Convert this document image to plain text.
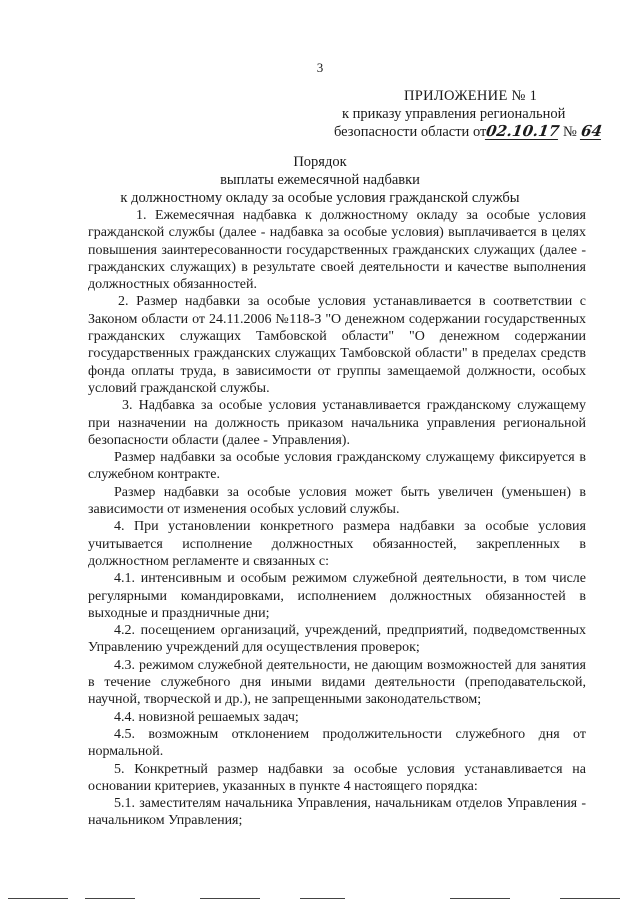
3
ПРИЛОЖЕНИЕ № 1
к приказу управления региональной
безопасности области от02.10.17 № 64
Порядок
выплаты ежемесячной надбавки
к должностному окладу за особые условия гражданской службы

1. Ежемесячная надбавка к должностному окладу за особые условия гражданской службы (далее - надбавка за особые условия) выплачивается в целях повышения заинтересованности государственных гражданских служащих (далее - гражданских служащих) в результате своей деятельности и качестве выполнения должностных обязанностей.

2. Размер надбавки за особые условия устанавливается в соответствии с Законом области от 24.11.2006 №118-З "О денежном содержании государственных гражданских служащих Тамбовской области" "О денежном содержании государственных гражданских служащих Тамбовской области" в пределах средств фонда оплаты труда, в зависимости от группы замещаемой должности, особых условий гражданской службы.

3. Надбавка за особые условия устанавливается гражданскому служащему при назначении на должность приказом начальника управления региональной безопасности области (далее - Управления).

Размер надбавки за особые условия гражданскому служащему фиксируется в служебном контракте.

Размер надбавки за особые условия может быть увеличен (уменьшен) в зависимости от изменения особых условий службы.

4. При установлении конкретного размера надбавки за особые условия учитывается исполнение должностных обязанностей, закрепленных в должностном регламенте и связанных с:

4.1. интенсивным и особым режимом служебной деятельности, в том числе регулярными командировками, исполнением должностных обязанностей в выходные и праздничные дни;

4.2. посещением организаций, учреждений, предприятий, подведомственных Управлению учреждений для осуществления проверок;

4.3. режимом служебной деятельности, не дающим возможностей для занятия в течение служебного дня иными видами деятельности (преподавательской, научной, творческой и др.), не запрещенными законодательством;

4.4. новизной решаемых задач;

4.5. возможным отклонением продолжительности служебного дня от нормальной.

5. Конкретный размер надбавки за особые условия устанавливается на основании критериев, указанных в пункте 4 настоящего порядка:

5.1. заместителям начальника Управления, начальникам отделов Управления - начальником Управления;
